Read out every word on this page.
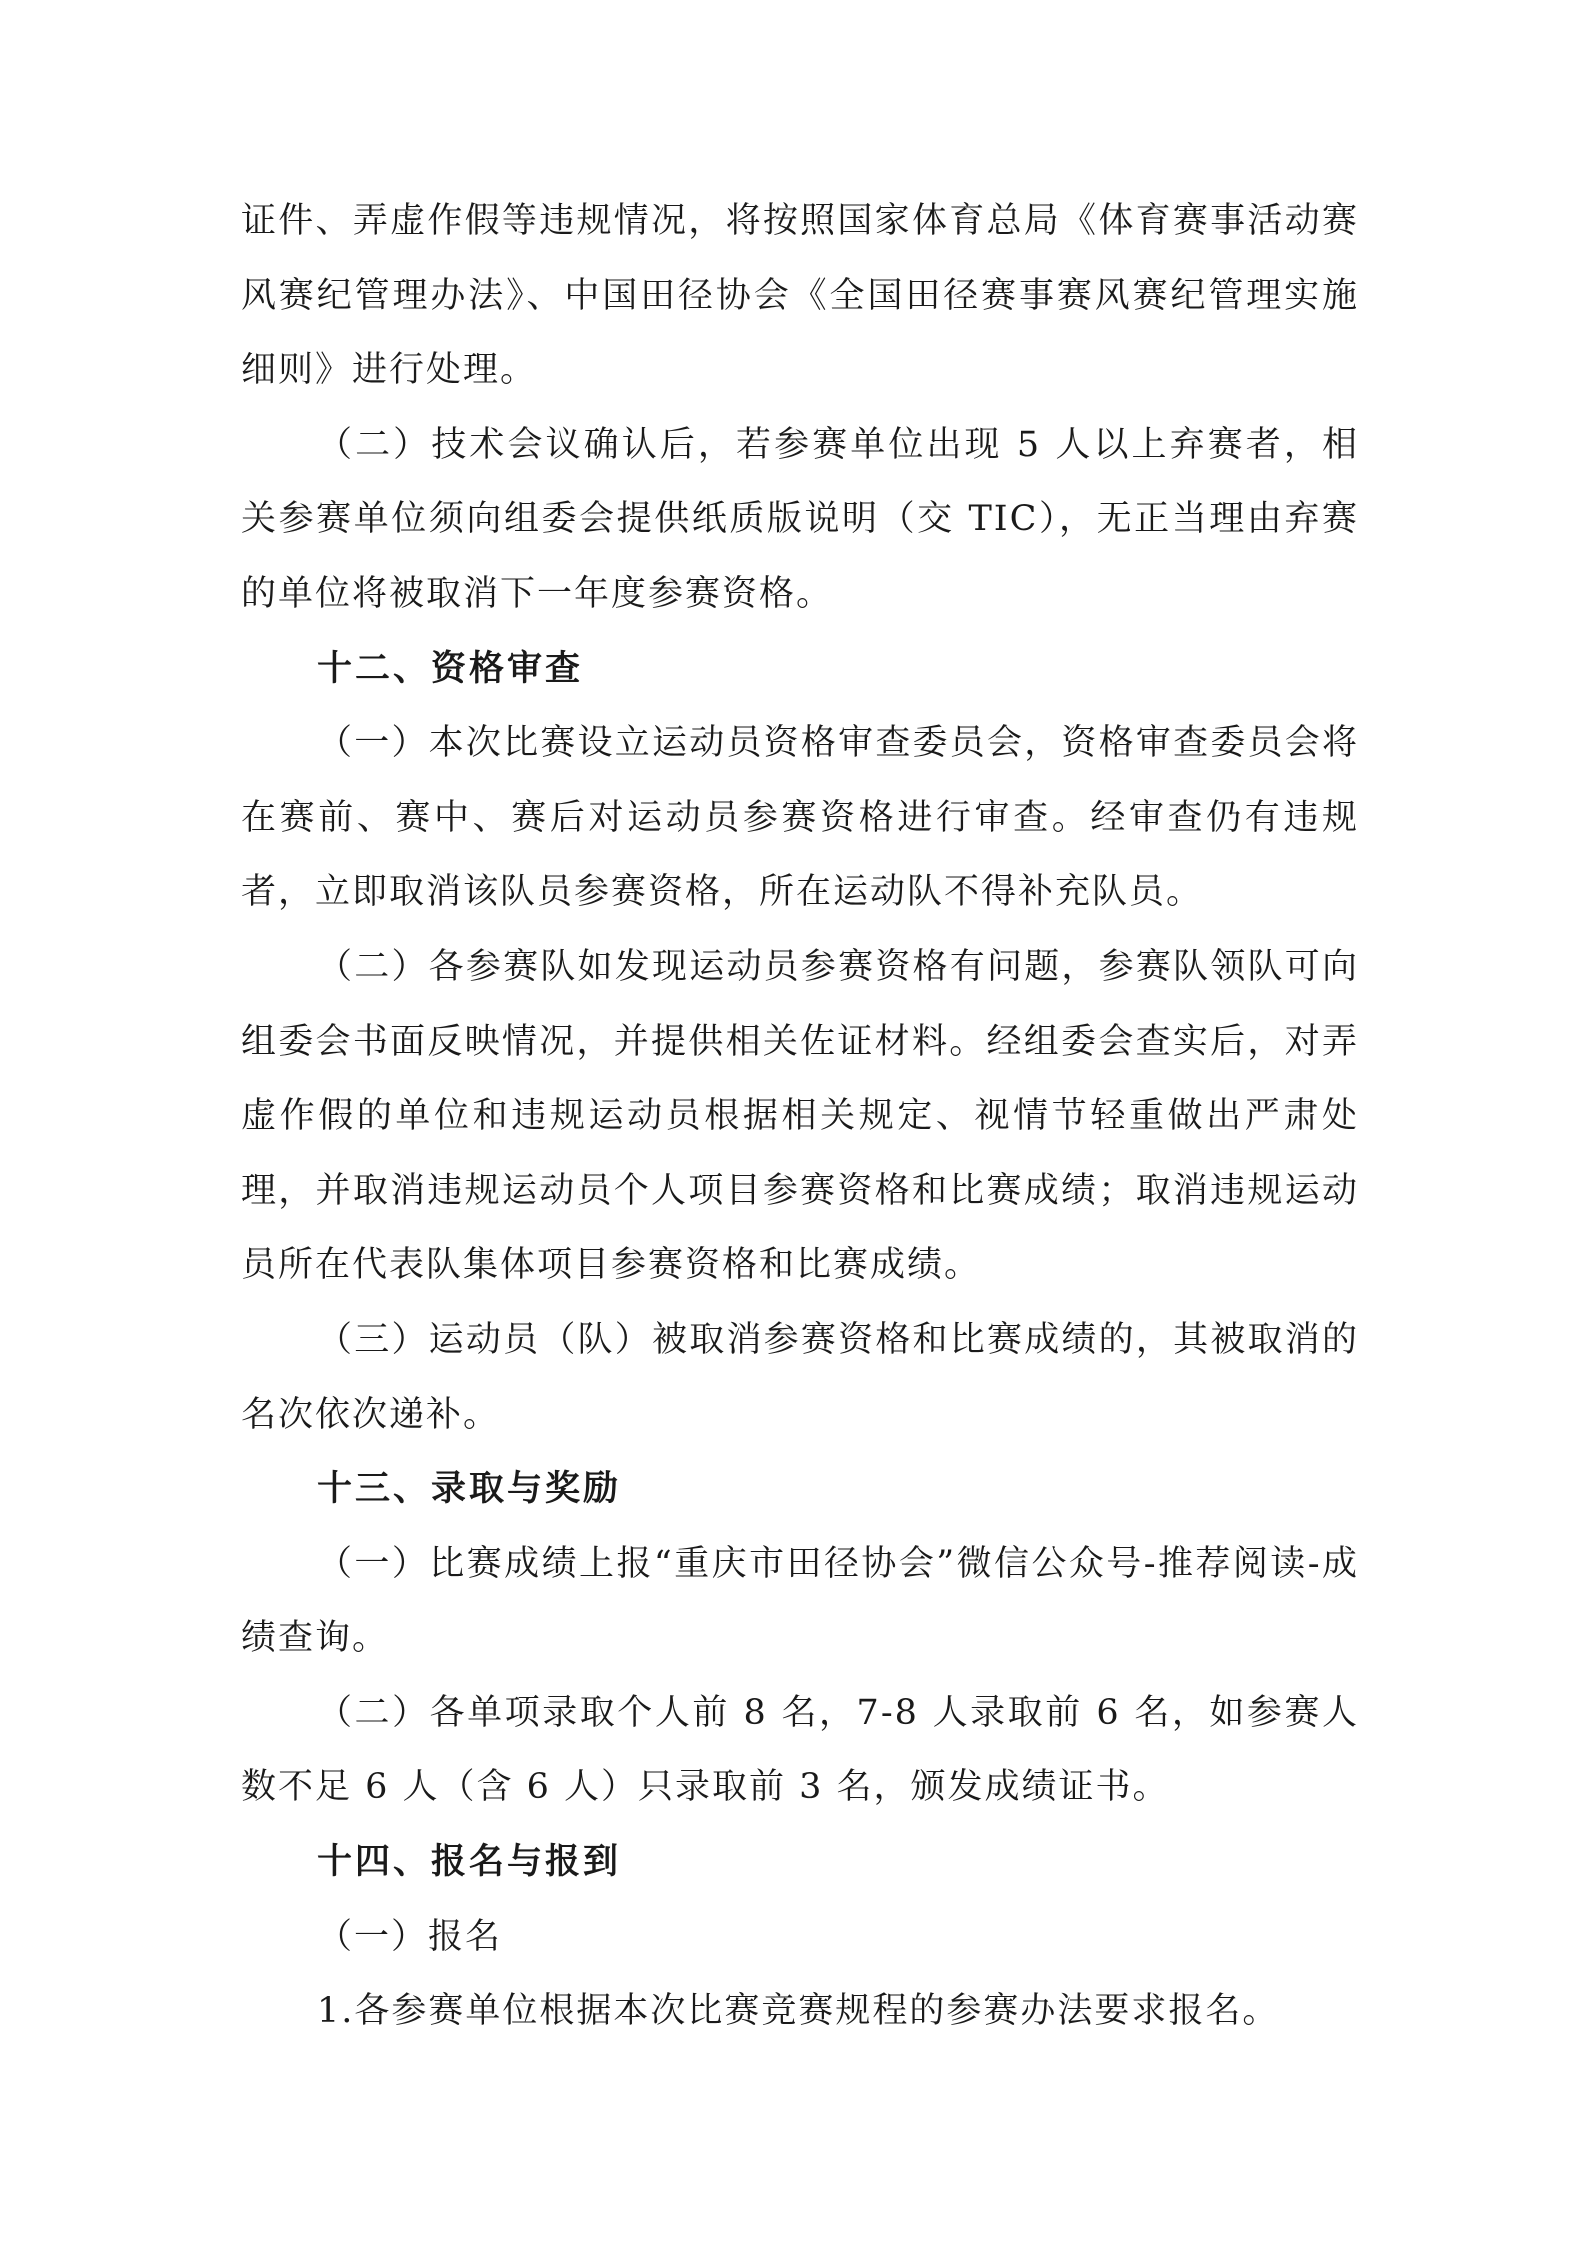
证件、弄虚作假等违规情况，将按照国家体育总局《体育赛事活动赛风赛纪管理办法》、中国田径协会《全国田径赛事赛风赛纪管理实施细则》进行处理。

（二）技术会议确认后，若参赛单位出现 5 人以上弃赛者，相关参赛单位须向组委会提供纸质版说明（交 TIC），无正当理由弃赛的单位将被取消下一年度参赛资格。

十二、资格审查

（一）本次比赛设立运动员资格审查委员会，资格审查委员会将在赛前、赛中、赛后对运动员参赛资格进行审查。经审查仍有违规者，立即取消该队员参赛资格，所在运动队不得补充队员。

（二）各参赛队如发现运动员参赛资格有问题，参赛队领队可向组委会书面反映情况，并提供相关佐证材料。经组委会查实后，对弄虚作假的单位和违规运动员根据相关规定、视情节轻重做出严肃处理，并取消违规运动员个人项目参赛资格和比赛成绩；取消违规运动员所在代表队集体项目参赛资格和比赛成绩。

（三）运动员（队）被取消参赛资格和比赛成绩的，其被取消的名次依次递补。

十三、录取与奖励

（一）比赛成绩上报“重庆市田径协会”微信公众号-推荐阅读-成绩查询。

（二）各单项录取个人前 8 名，7-8 人录取前 6 名，如参赛人数不足 6 人（含 6 人）只录取前 3 名，颁发成绩证书。

十四、报名与报到

（一）报名

1.各参赛单位根据本次比赛竞赛规程的参赛办法要求报名。
